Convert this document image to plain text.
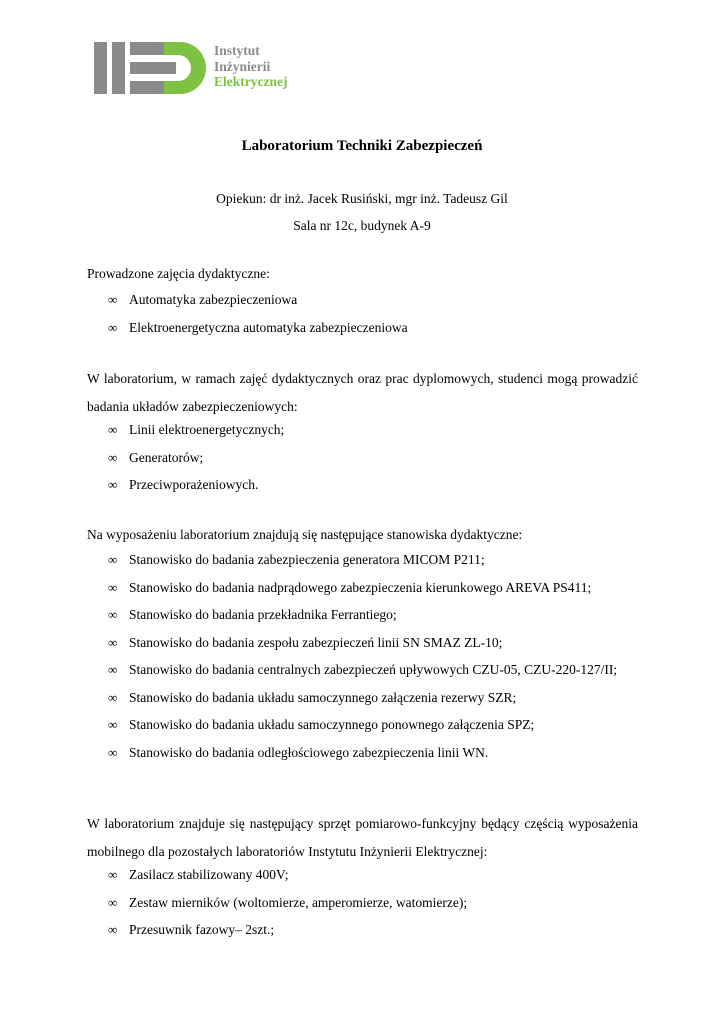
Instytut
Inżynierii
Elektrycznej
Laboratorium Techniki Zabezpieczeń
Opiekun: dr inż. Jacek Rusiński, mgr inż. Tadeusz Gil
Sala nr 12c, budynek A-9
Prowadzone zajęcia dydaktyczne:
∞ Automatyka zabezpieczeniowa
∞ Elektroenergetyczna automatyka zabezpieczeniowa
W laboratorium, w ramach zajęć dydaktycznych oraz prac dyplomowych, studenci mogą prowadzić badania układów zabezpieczeniowych:
∞ Linii elektroenergetycznych;
∞ Generatorów;
∞ Przeciwporażeniowych.
Na wyposażeniu laboratorium znajdują się następujące stanowiska dydaktyczne:
∞ Stanowisko do badania zabezpieczenia generatora MICOM P211;
∞ Stanowisko do badania nadprądowego zabezpieczenia kierunkowego AREVA PS411;
∞ Stanowisko do badania przekładnika Ferrantiego;
∞ Stanowisko do badania zespołu zabezpieczeń linii SN SMAZ ZL-10;
∞ Stanowisko do badania centralnych zabezpieczeń upływowych CZU-05, CZU-220-127/II;
∞ Stanowisko do badania układu samoczynnego załączenia rezerwy SZR;
∞ Stanowisko do badania układu samoczynnego ponownego załączenia SPZ;
∞ Stanowisko do badania odległościowego zabezpieczenia linii WN.
W laboratorium znajduje się następujący sprzęt pomiarowo-funkcyjny będący częścią wyposażenia mobilnego dla pozostałych laboratoriów Instytutu Inżynierii Elektrycznej:
∞ Zasilacz stabilizowany 400V;
∞ Zestaw mierników (woltomierze, amperomierze, watomierze);
∞ Przesuwnik fazowy– 2szt.;
